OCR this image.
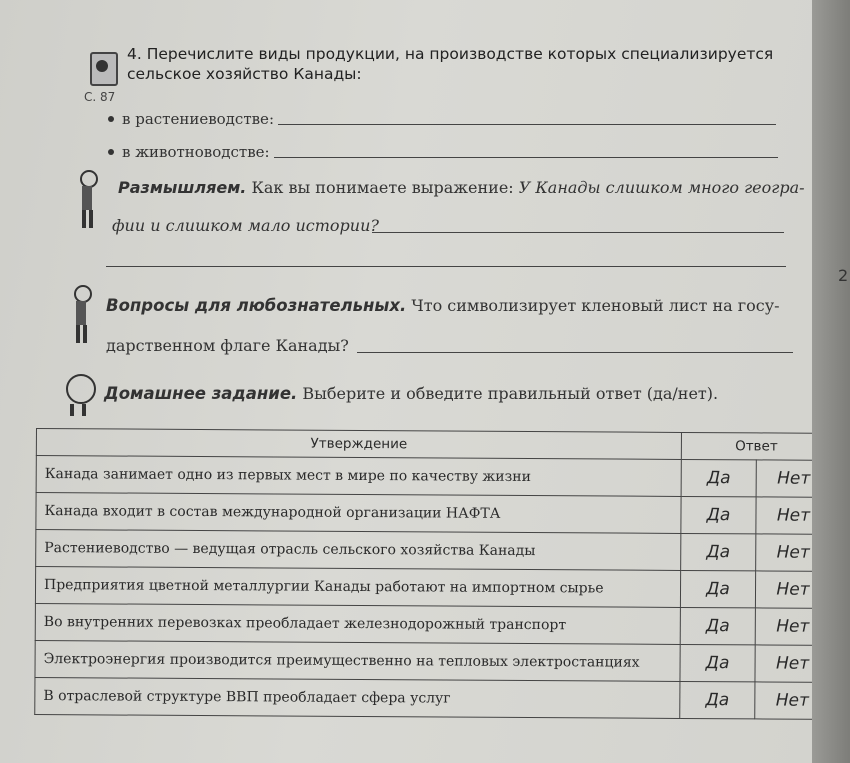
С. 87
4. Перечислите виды продукции, на производстве которых специализируется сельское хозяйство Канады:
в растениеводстве:
в животноводстве:
Размышляем. Как вы понимаете выражение: У Канады слишком много геогра-
фии и слишком мало истории?
Вопросы для любознательных. Что символизирует кленовый лист на госу-
дарственном флаге Канады?
Домашнее задание. Выберите и обведите правильный ответ (да/нет).
Утверждение	Ответ	
Канада занимает одно из первых мест в мире по качеству жизни	Да	Нет
Канада входит в состав международной организации НАФТА	Да	Нет
Растениеводство — ведущая отрасль сельского хозяйства Канады	Да	Нет
Предприятия цветной металлургии Канады работают на импортном сырье	Да	Нет
Во внутренних перевозках преобладает железнодорожный транспорт	Да	Нет
Электроэнергия производится преимущественно на тепловых электростанциях	Да	Нет
В отраслевой структуре ВВП преобладает сфера услуг	Да	Нет
2
